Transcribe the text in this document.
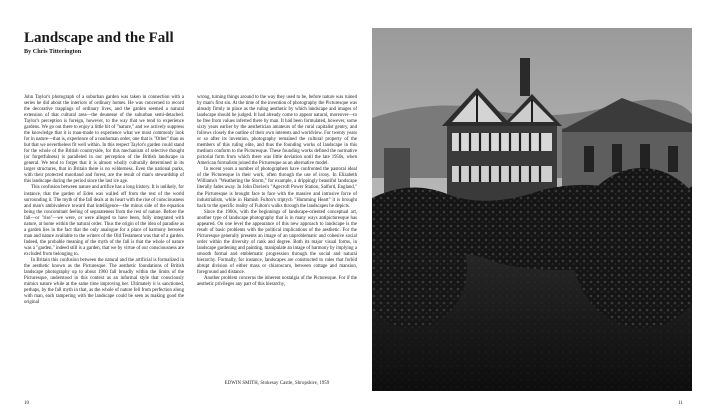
Landscape and the Fall
By Chris Titterington

John Taylor's photograph of a suburban garden was taken in connection with a series he did about the interiors of ordinary homes. He was concerned to record the decorative trappings of ordinary lives, and the garden seemed a natural extension of that cultural area—the deunesse of the suburban semi-detached. Taylor's perception is foreign, however, to the way that we tend to experience gardens. We go out there to enjoy a little bit of "nature," and we actively suppress the knowledge that it is man-made to experience what we most commonly look for in nature—that is, experience of a nonhuman order, one that is "Other" than us but that we nevertheless fit well within. In this respect Taylor's garden could stand for the whole of the British countryside, for this mechanism of selective thought (or forgetfulness) is paralleled in our perception of the British landscape in general. We tend to forget that it is almost wholly culturally determined in its larger structures, that in Britain there is no wilderness. Even the national parks, with their protected moorland and forest, are the result of man's stewardship of this landscape during the period since the last ice age.

This confusion between nature and artifice has a long history. It is unlikely, for instance, that the garden of Eden was walled off from the rest of the world surrounding it. The myth of the fall deals at its heart with the rise of consciousness and man's ambivalence toward that intelligence—the minus side of the equation being the concomitant feeling of separateness from the rest of nature. Before the fall—or "rise"—we were, or were alleged to have been, fully integrated with nature, at home within the natural order. Thus the origin of the idea of paradise as a garden lies in the fact that the only analogue for a place of harmony between man and nature available to the writers of the Old Testament was that of a garden. Indeed, the probable meaning of the myth of the fall is that the whole of nature was a "garden," indeed still is a garden, that we by virtue of our consciousness are excluded from belonging to.

In Britain this confusion between the natural and the artificial is formalized in the aesthetic known as the Picturesque. The aesthetic foundations of British landscape photography up to about 1960 fall broadly within the limits of the Picturesque, understood in this context as an informal style that consciously mimics nature while at the same time improving her. Ultimately it is sanctioned, perhaps, by the fall myth in that, as the whole of nature fell from perfection along with man, each tampering with the landscape could be seen as making good the original

wrong, turning things around to the way they used to be, before nature was ruined by man's first sin. At the time of the invention of photography the Picturesque was already firmly in place as the ruling aesthetic by which landscape and images of landscape should be judged. It had already come to appear natural, moreover—to be free from values inferred there by man. It had been formulated, however, some sixty years earlier by the aesthetician amateurs of the rural capitalist gentry, and follows closely the outline of their own interests and worldview. For twenty years or so after its invention, photography remained the cultural property of the members of this ruling elite, and thus the founding works of landscape in this medium conform to the Picturesque. These founding works defined the normative pictorial form from which there was little deviation until the late 1950s, when American formalism joined the Picturesque as an alternative model.

In recent years a number of photographers have confronted the pastoral ideal of the Picturesque in their work, often through the use of irony. In Elizabeth Williams's "Weathering the Storm," for example, a drippingly beautiful landscape literally fades away. In John Davies's "Agecroft Power Station, Salford, England," the Picturesque is brought face to face with the massive and intrusive force of industrialism, while in Hamish Fulton's triptych "Humming Heart" it is brought back to the specific reality of Fulton's walks through the landscapes he depicts.

Since the 1960s, with the beginnings of landscape-oriented conceptual art, another type of landscape photography that is in many ways antipicturesque has appeared. On one level the appearance of this new approach to landscape is the result of basic problems with the political implications of the aesthetic. For the Picturesque generally presents an image of an unproblematic and cohesive social order within the diversity of rank and degree. Both its major visual forms, in landscape gardening and painting, manipulate an image of harmony by implying a smooth formal and emblematic progression through the social and natural hierarchy. Formally, for instance, landscapes are constructed to rules that forbid abrupt division of either mass or chiaroscuro, between cottage and mansion, foreground and distance.

Another problem concerns the inherent nostalgia of the Picturesque. For if the aesthetic privileges any part of this hierarchy,

EDWIN SMITH, Stokesay Castle, Shropshire, 1959
10	11
